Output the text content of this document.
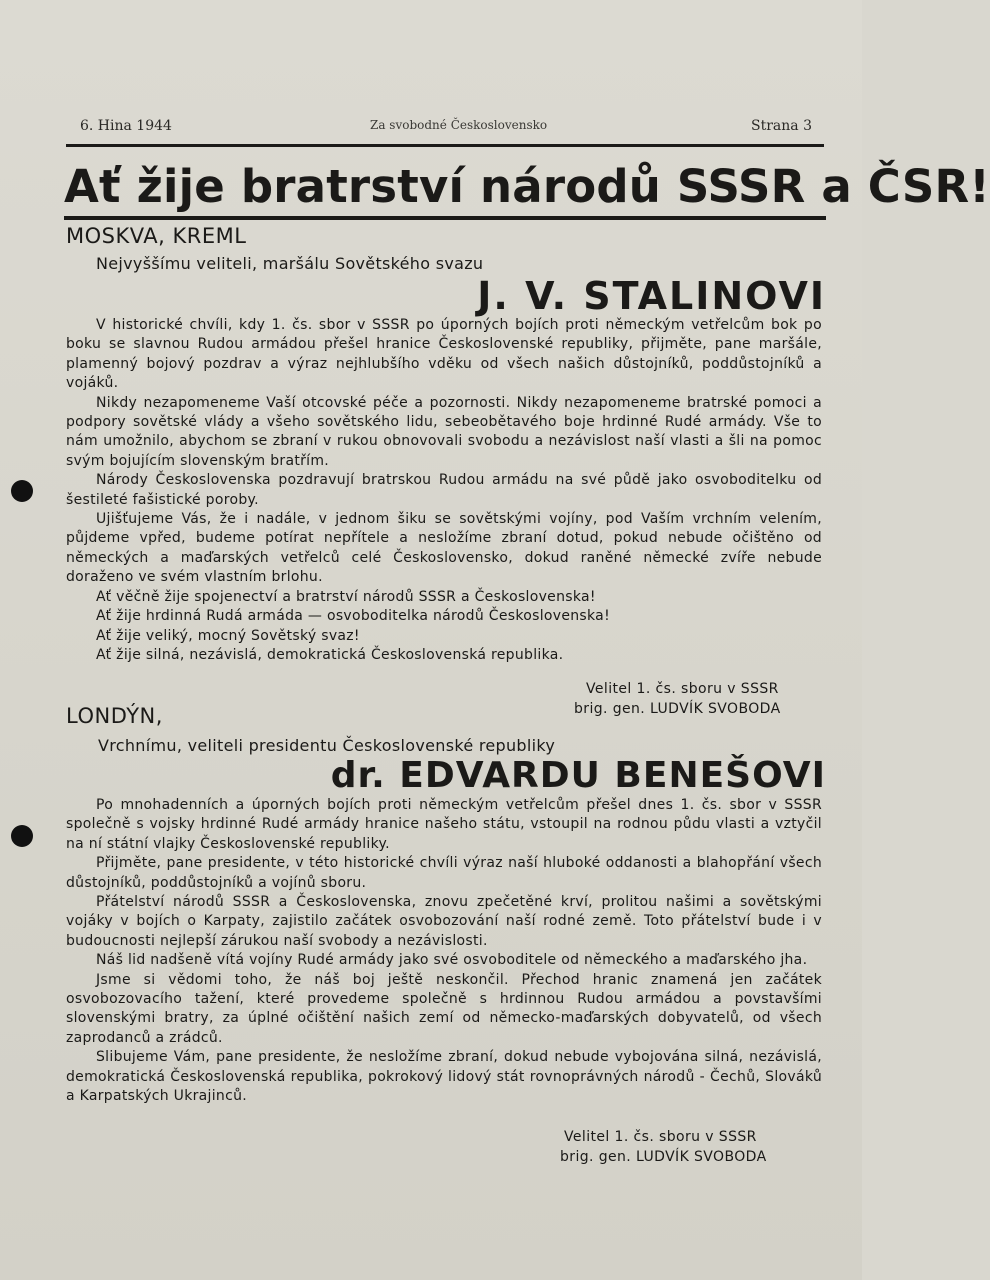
6. Hina 1944	Za svobodné Československo	Strana 3
Ať žije bratrství národů SSSR a ČSR!
MOSKVA, KREML
Nejvyššímu veliteli, maršálu Sovětského svazu
J. V. STALINOVI

V historické chvíli, kdy 1. čs. sbor v SSSR po úporných bojích proti německým vetřelcům bok po boku se slavnou Rudou armádou přešel hranice Československé republiky, přijměte, pane maršále, plamenný bojový pozdrav a výraz nejhlubšího vděku od všech našich důstojníků, poddůstojníků a vojáků.

Nikdy nezapomeneme Vaší otcovské péče a pozornosti. Nikdy nezapomeneme bratrské pomoci a podpory sovětské vlády a všeho sovětského lidu, sebeobětavého boje hrdinné Rudé armády. Vše to nám umožnilo, abychom se zbraní v rukou obnovovali svobodu a nezávislost naší vlasti a šli na pomoc svým bojujícím slovenským bratřím.

Národy Československa pozdravují bratrskou Rudou armádu na své půdě jako osvoboditelku od šestileté fašistické poroby.

Ujišťujeme Vás, že i nadále, v jednom šiku se sovětskými vojíny, pod Vaším vrchním velením, půjdeme vpřed, budeme potírat nepřítele a nesložíme zbraní dotud, pokud nebude očištěno od německých a maďarských vetřelců celé Československo, dokud raněné německé zvíře nebude doraženo ve svém vlastním brlohu.

Ať věčně žije spojenectví a bratrství národů SSSR a Československa!

Ať žije hrdinná Rudá armáda — osvoboditelka národů Československa!

Ať žije veliký, mocný Sovětský svaz!

Ať žije silná, nezávislá, demokratická Československá republika.

Velitel 1. čs. sboru v SSSR
brig. gen. LUDVÍK SVOBODA
LONDÝN,
Vrchnímu, veliteli presidentu Československé republiky
dr. EDVARDU BENEŠOVI

Po mnohadenních a úporných bojích proti německým vetřelcům přešel dnes 1. čs. sbor v SSSR společně s vojsky hrdinné Rudé armády hranice našeho státu, vstoupil na rodnou půdu vlasti a vztyčil na ní státní vlajky Československé republiky.

Přijměte, pane presidente, v této historické chvíli výraz naší hluboké oddanosti a blahopřání všech důstojníků, poddůstojníků a vojínů sboru.

Přátelství národů SSSR a Československa, znovu zpečetěné krví, prolitou našimi a sovětskými vojáky v bojích o Karpaty, zajistilo začátek osvobozování naší rodné země. Toto přátelství bude i v budoucnosti nejlepší zárukou naší svobody a nezávislosti.

Náš lid nadšeně vítá vojíny Rudé armády jako své osvoboditele od německého a maďarského jha.

Jsme si vědomi toho, že náš boj ještě neskončil. Přechod hranic znamená jen začátek osvobozovacího tažení, které provedeme společně s hrdinnou Rudou armádou a povstavšími slovenskými bratry, za úplné očištění našich zemí od německo-maďarských dobyvatelů, od všech zaprodanců a zrádců.

Slibujeme Vám, pane presidente, že nesložíme zbraní, dokud nebude vybojována silná, nezávislá, demokratická Československá republika, pokrokový lidový stát rovnoprávných národů - Čechů, Slováků a Karpatských Ukrajinců.

Velitel 1. čs. sboru v SSSR
brig. gen. LUDVÍK SVOBODA
